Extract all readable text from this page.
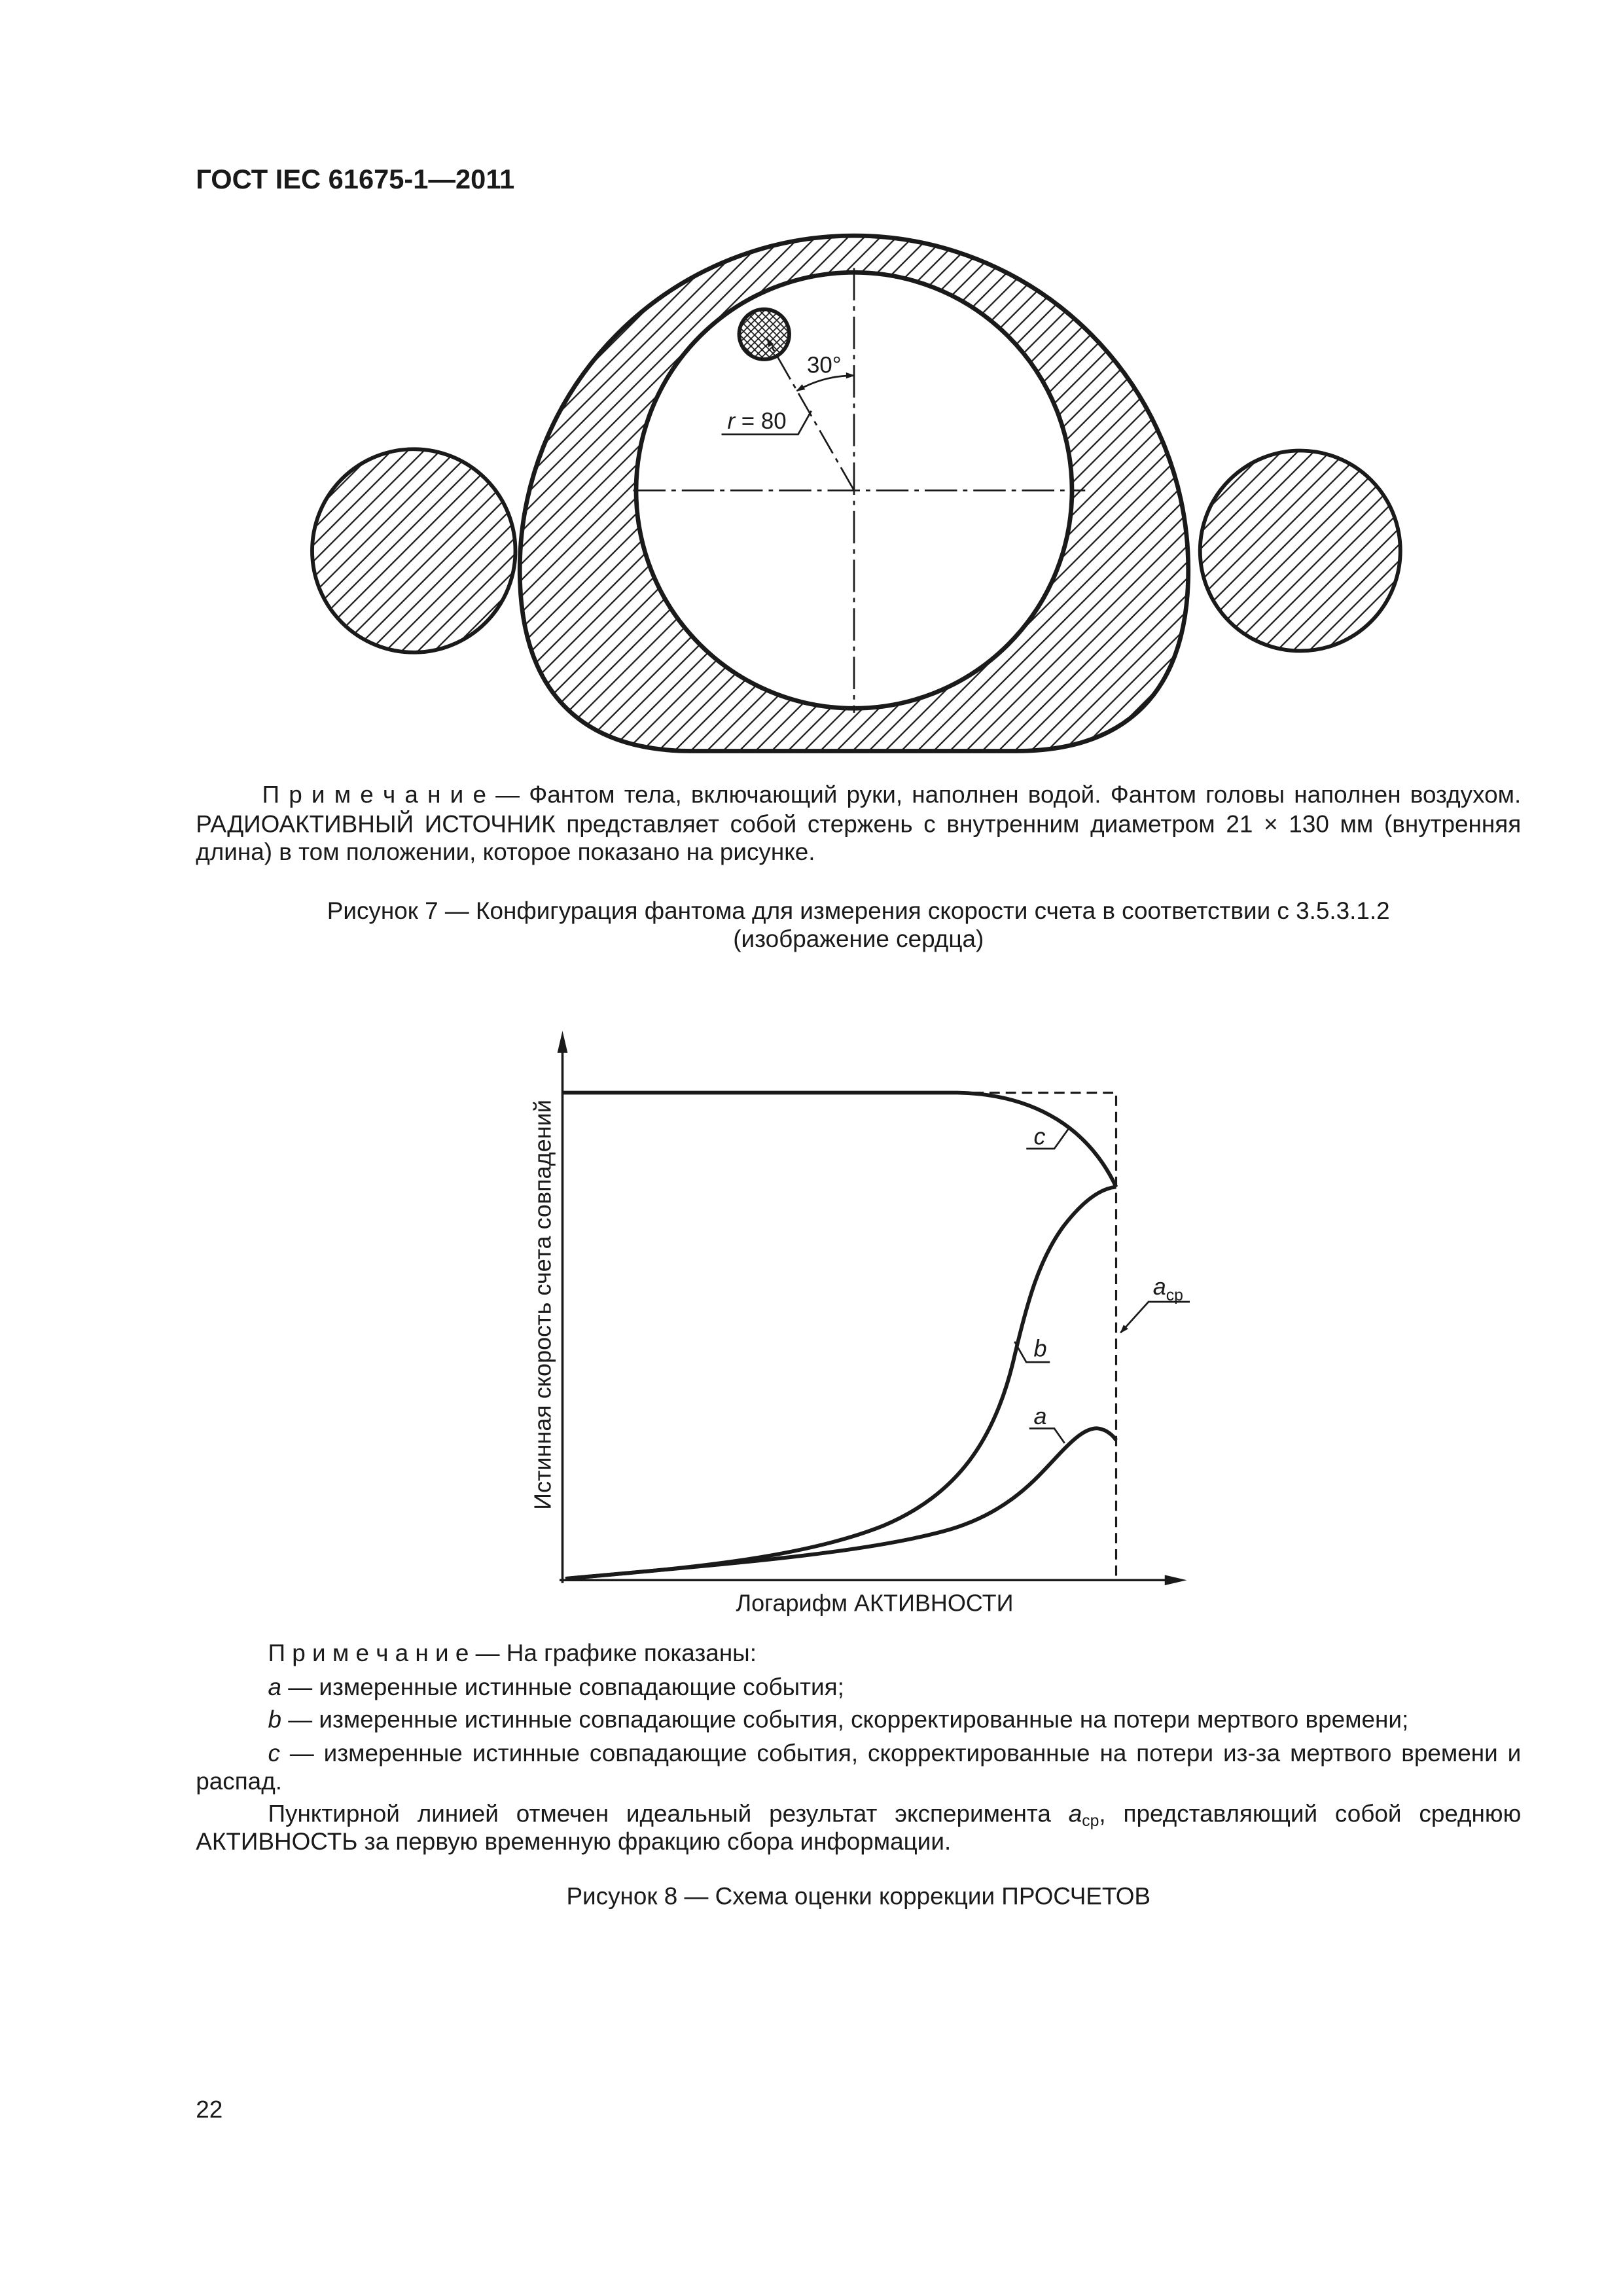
ГОСТ IEC 61675-1—2011
30°
r = 80
П р и м е ч а н и е — Фантом тела, включающий руки, наполнен водой. Фантом головы наполнен воздухом.
РАДИОАКТИВНЫЙ ИСТОЧНИК представляет собой стержень с внутренним диаметром 21 × 130 мм (внутренняя
длина) в том положении, которое показано на рисунке.
Рисунок 7 — Конфигурация фантома для измерения скорости счета в соответствии с 3.5.3.1.2
(изображение сердца)
c
b
a
$a_{ср}$
Истинная скорость счета совпадений
Логарифм АКТИВНОСТИ
П р и м е ч а н и е — На графике показаны:
a — измеренные истинные совпадающие события;
b — измеренные истинные совпадающие события, скорректированные на потери мертвого времени;
c — измеренные истинные совпадающие события, скорректированные на потери из-за мертвого времени и
распад.
Пунктирной линией отмечен идеальный результат эксперимента $a_{ср}$, представляющий собой среднюю
АКТИВНОСТЬ за первую временную фракцию сбора информации.
Рисунок 8 — Схема оценки коррекции ПРОСЧЕТОВ
22
